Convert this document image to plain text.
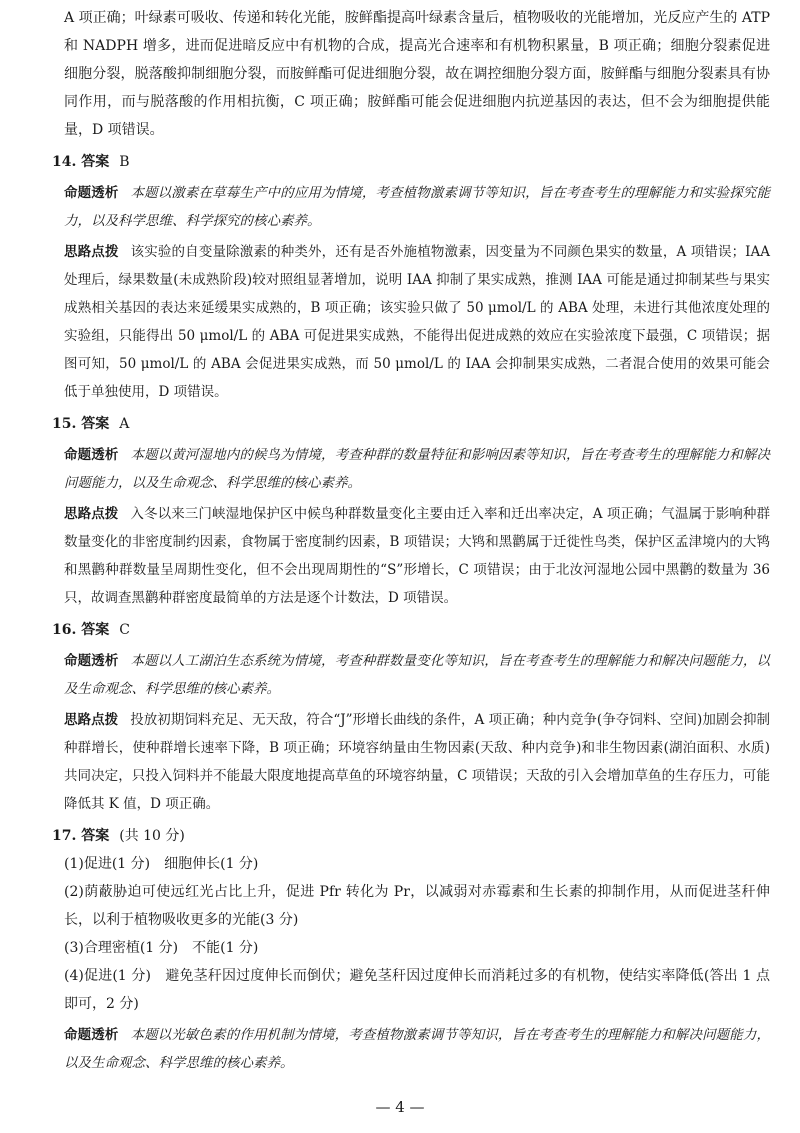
A 项正确；叶绿素可吸收、传递和转化光能，胺鲜酯提高叶绿素含量后，植物吸收的光能增加，光反应产生的 ATP 和 NADPH 增多，进而促进暗反应中有机物的合成，提高光合速率和有机物积累量，B 项正确；细胞分裂素促进细胞分裂，脱落酸抑制细胞分裂，而胺鲜酯可促进细胞分裂，故在调控细胞分裂方面，胺鲜酯与细胞分裂素具有协同作用，而与脱落酸的作用相抗衡，C 项正确；胺鲜酯可能会促进细胞内抗逆基因的表达，但不会为细胞提供能量，D 项错误。

14. 答案 B

命题透析 本题以激素在草莓生产中的应用为情境，考查植物激素调节等知识，旨在考查考生的理解能力和实验探究能力，以及科学思维、科学探究的核心素养。

思路点拨 该实验的自变量除激素的种类外，还有是否外施植物激素，因变量为不同颜色果实的数量，A 项错误；IAA 处理后，绿果数量(未成熟阶段)较对照组显著增加，说明 IAA 抑制了果实成熟，推测 IAA 可能是通过抑制某些与果实成熟相关基因的表达来延缓果实成熟的，B 项正确；该实验只做了 50 μmol/L 的 ABA 处理，未进行其他浓度处理的实验组，只能得出 50 μmol/L 的 ABA 可促进果实成熟，不能得出促进成熟的效应在实验浓度下最强，C 项错误；据图可知，50 μmol/L 的 ABA 会促进果实成熟，而 50 μmol/L 的 IAA 会抑制果实成熟，二者混合使用的效果可能会低于单独使用，D 项错误。

15. 答案 A

命题透析 本题以黄河湿地内的候鸟为情境，考查种群的数量特征和影响因素等知识，旨在考查考生的理解能力和解决问题能力，以及生命观念、科学思维的核心素养。

思路点拨 入冬以来三门峡湿地保护区中候鸟种群数量变化主要由迁入率和迁出率决定，A 项正确；气温属于影响种群数量变化的非密度制约因素，食物属于密度制约因素，B 项错误；大鸨和黑鹳属于迁徙性鸟类，保护区孟津境内的大鸨和黑鹳种群数量呈周期性变化，但不会出现周期性的“S”形增长，C 项错误；由于北汝河湿地公园中黑鹳的数量为 36 只，故调查黑鹳种群密度最简单的方法是逐个计数法，D 项错误。

16. 答案 C

命题透析 本题以人工湖泊生态系统为情境，考查种群数量变化等知识，旨在考查考生的理解能力和解决问题能力，以及生命观念、科学思维的核心素养。

思路点拨 投放初期饲料充足、无天敌，符合“J”形增长曲线的条件，A 项正确；种内竞争(争夺饲料、空间)加剧会抑制种群增长，使种群增长速率下降，B 项正确；环境容纳量由生物因素(天敌、种内竞争)和非生物因素(湖泊面积、水质)共同决定，只投入饲料并不能最大限度地提高草鱼的环境容纳量，C 项错误；天敌的引入会增加草鱼的生存压力，可能降低其 K 值，D 项正确。

17. 答案 (共 10 分)

(1)促进(1 分)　细胞伸长(1 分)

(2)荫蔽胁迫可使远红光占比上升，促进 Pfr 转化为 Pr，以减弱对赤霉素和生长素的抑制作用，从而促进茎秆伸长，以利于植物吸收更多的光能(3 分)

(3)合理密植(1 分)　不能(1 分)

(4)促进(1 分)　避免茎秆因过度伸长而倒伏；避免茎秆因过度伸长而消耗过多的有机物，使结实率降低(答出 1 点即可，2 分)

命题透析 本题以光敏色素的作用机制为情境，考查植物激素调节等知识，旨在考查考生的理解能力和解决问题能力，以及生命观念、科学思维的核心素养。

— 4 —
